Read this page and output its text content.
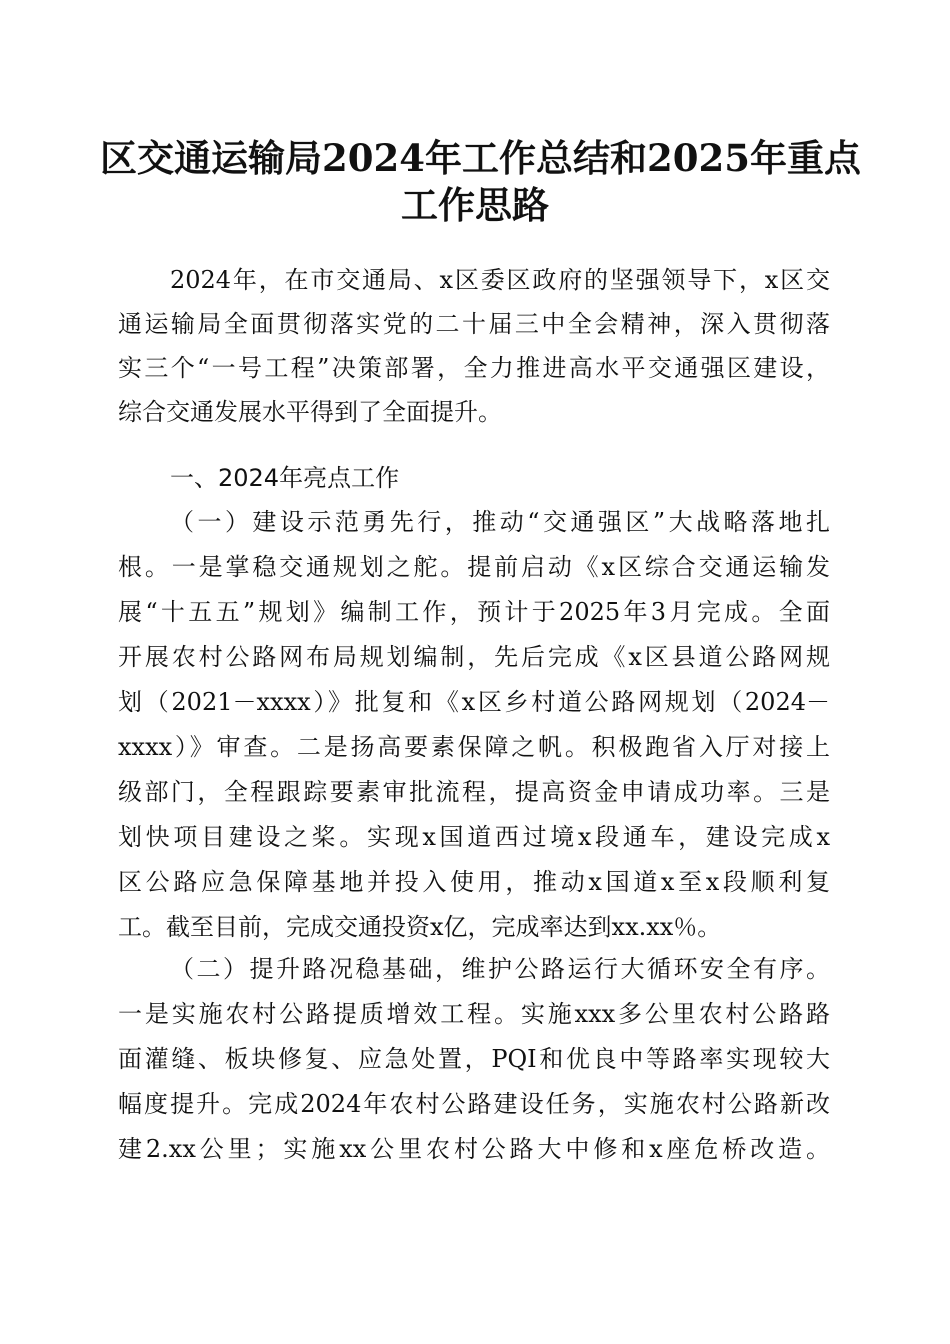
区交通运输局2024年工作总结和2025年重点
工作思路
2024年，在市交通局、x区委区政府的坚强领导下，x区交
通运输局全面贯彻落实党的二十届三中全会精神，深入贯彻落
实三个“一号工程”决策部署，全力推进高水平交通强区建设，
综合交通发展水平得到了全面提升。
一、2024年亮点工作
（一）建设示范勇先行，推动“交通强区”大战略落地扎
根。一是掌稳交通规划之舵。提前启动《x区综合交通运输发
展“十五五”规划》编制工作，预计于2025年3月完成。全面
开展农村公路网布局规划编制，先后完成《x区县道公路网规
划（2021－xxxx）》批复和《x区乡村道公路网规划（2024－
xxxx）》审查。二是扬高要素保障之帆。积极跑省入厅对接上
级部门，全程跟踪要素审批流程，提高资金申请成功率。三是
划快项目建设之桨。实现x国道西过境x段通车，建设完成x
区公路应急保障基地并投入使用，推动x国道x至x段顺利复
工。截至目前，完成交通投资x亿，完成率达到xx.xx％。
（二）提升路况稳基础，维护公路运行大循环安全有序。
一是实施农村公路提质增效工程。实施xxx多公里农村公路路
面灌缝、板块修复、应急处置，PQI和优良中等路率实现较大
幅度提升。完成2024年农村公路建设任务，实施农村公路新改
建2.xx公里；实施xx公里农村公路大中修和x座危桥改造。
